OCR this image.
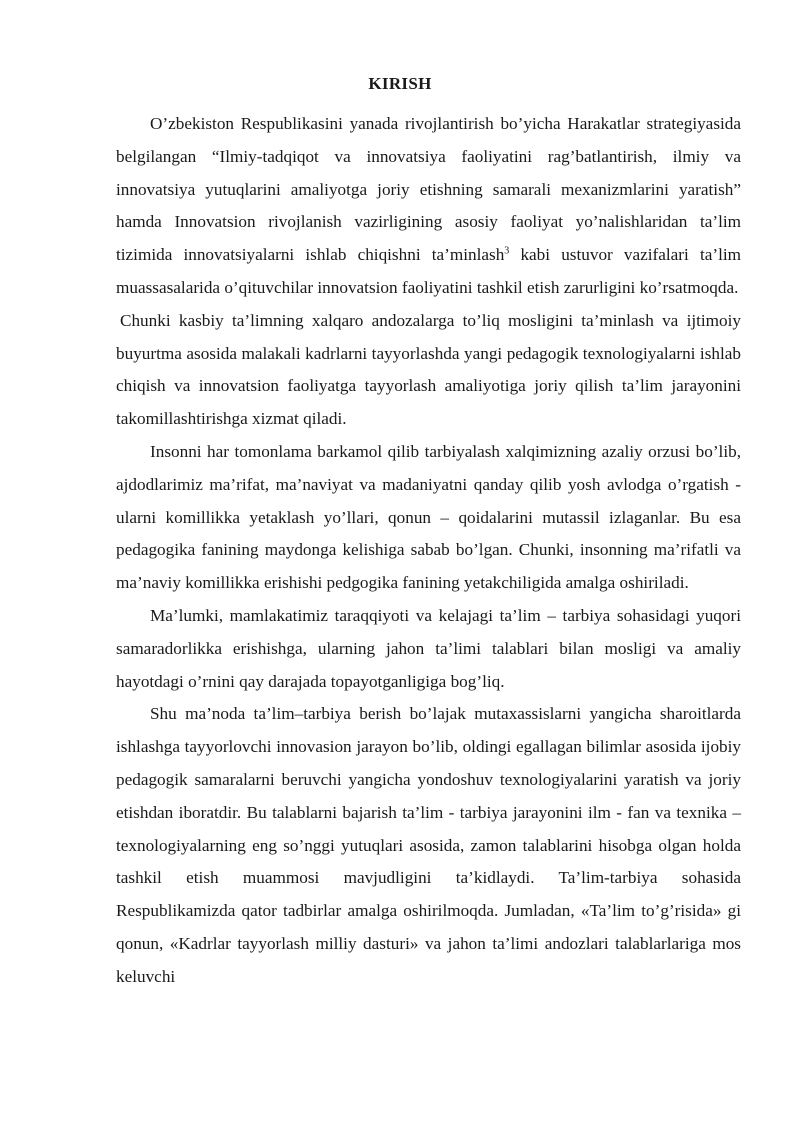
KIRISH

O’zbekiston Respublikasini yanada rivojlantirish bo’yicha Harakatlar strategiyasida belgilangan “Ilmiy-tadqiqot va innovatsiya faoliyatini rag’batlantirish, ilmiy va innovatsiya yutuqlarini amaliyotga joriy etishning samarali mexanizmlarini yaratish” hamda Innovatsion rivojlanish vazirligining asosiy faoliyat yo’nalishlaridan ta’lim tizimida innovatsiyalarni ishlab chiqishni ta’minlash$^3$ kabi ustuvor vazifalari ta’lim muassasalarida o’qituvchilar innovatsion faoliyatini tashkil etish zarurligini ko’rsatmoqda.

Chunki kasbiy ta’limning xalqaro andozalarga to’liq mosligini ta’minlash va ijtimoiy buyurtma asosida malakali kadrlarni tayyorlashda yangi pedagogik texnologiyalarni ishlab chiqish va innovatsion faoliyatga tayyorlash amaliyotiga joriy qilish ta’lim jarayonini takomillashtirishga xizmat qiladi.

Insonni har tomonlama barkamol qilib tarbiyalash xalqimizning azaliy orzusi bo’lib, ajdodlarimiz ma’rifat, ma’naviyat va madaniyatni qanday qilib yosh avlodga o’rgatish - ularni komillikka yetaklash yo’llari, qonun – qoidalarini mutassil izlaganlar. Bu esa pedagogika fanining maydonga kelishiga sabab bo’lgan. Chunki, insonning ma’rifatli va ma’naviy komillikka erishishi pedgogika fanining yetakchiligida amalga oshiriladi.

Ma’lumki, mamlakatimiz taraqqiyoti va kelajagi ta’lim – tarbiya sohasidagi yuqori samaradorlikka erishishga, ularning jahon ta’limi talablari bilan mosligi va amaliy hayotdagi o’rnini qay darajada topayotganligiga bog’liq.

Shu ma’noda ta’lim–tarbiya berish bo’lajak mutaxassislarni yangicha sharoitlarda ishlashga tayyorlovchi innovasion jarayon bo’lib, oldingi egallagan bilimlar asosida ijobiy pedagogik samaralarni beruvchi yangicha yondoshuv texnologiyalarini yaratish va joriy etishdan iboratdir. Bu talablarni bajarish ta’lim - tarbiya jarayonini ilm - fan va texnika – texnologiyalarning eng so’nggi yutuqlari asosida, zamon talablarini hisobga olgan holda tashkil etish muammosi mavjudligini ta’kidlaydi. Ta’lim-tarbiya sohasida Respublikamizda qator tadbirlar amalga oshirilmoqda. Jumladan, «Ta’lim to’g’risida» gi qonun, «Kadrlar tayyorlash milliy dasturi» va jahon ta’limi andozlari talablarlariga mos keluvchi
